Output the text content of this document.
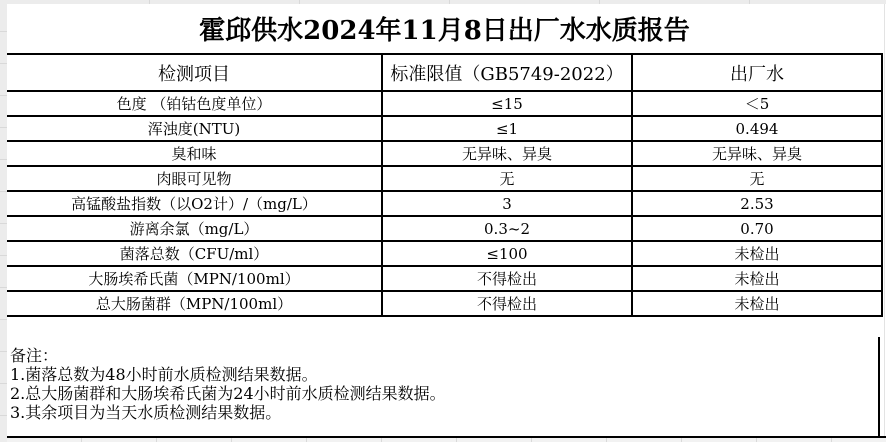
霍邱供水2024年11月8日出厂水水质报告
检测项目	标准限值（GB5749-2022）	出厂水
色度 （铂钴色度单位）	≤15	＜5
浑浊度(NTU)	≤1	0.494
臭和味	无异味、异臭	无异味、异臭
肉眼可见物	无	无
高锰酸盐指数（以O2计）/（mg/L）	3	2.53
游离余氯（mg/L）	0.3~2	0.70
菌落总数（CFU/ml）	≤100	未检出
大肠埃希氏菌（MPN/100ml）	不得检出	未检出
总大肠菌群（MPN/100ml）	不得检出	未检出
备注：
1.菌落总数为48小时前水质检测结果数据。
2.总大肠菌群和大肠埃希氏菌为24小时前水质检测结果数据。
3.其余项目为当天水质检测结果数据。
